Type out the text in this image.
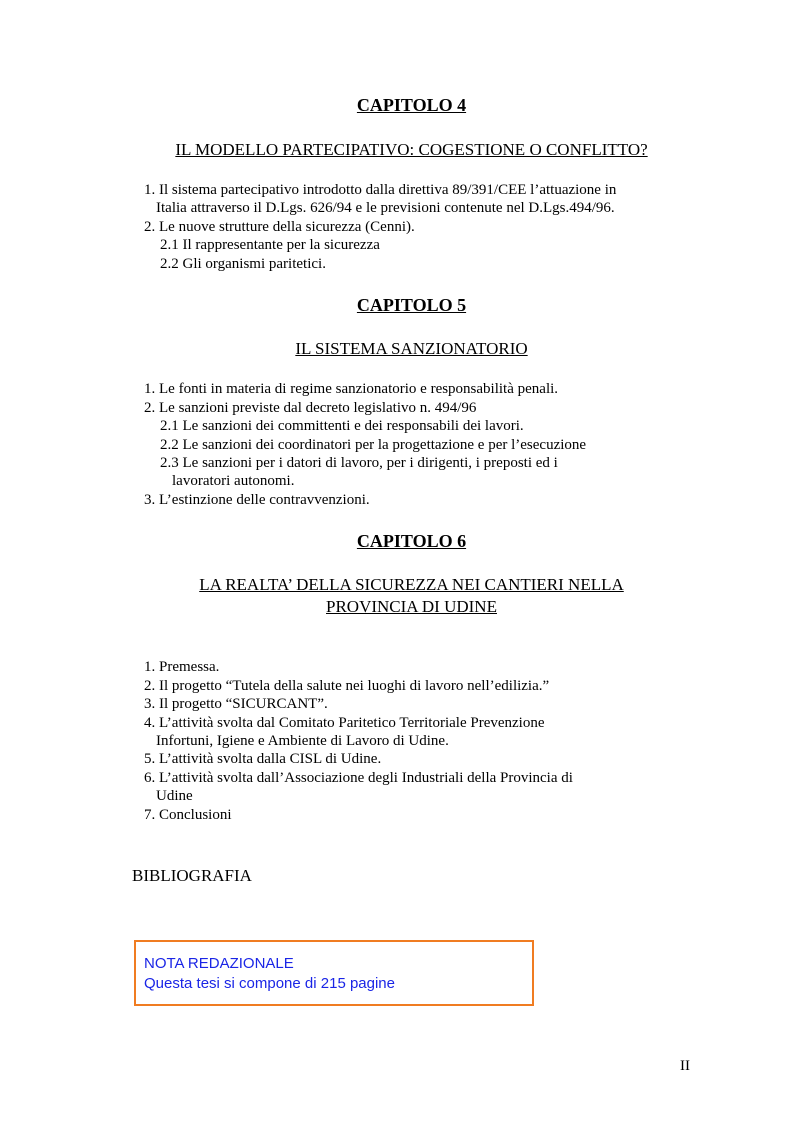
CAPITOLO 4
IL MODELLO PARTECIPATIVO: COGESTIONE O CONFLITTO?
1. Il sistema partecipativo introdotto dalla direttiva 89/391/CEE l’attuazione in
Italia attraverso il D.Lgs. 626/94 e le previsioni contenute nel D.Lgs.494/96.
2. Le nuove strutture della sicurezza (Cenni).
2.1 Il rappresentante per la sicurezza
2.2 Gli organismi paritetici.
CAPITOLO 5
IL SISTEMA SANZIONATORIO
1. Le fonti in materia di regime sanzionatorio e responsabilità penali.
2. Le sanzioni previste dal decreto legislativo n. 494/96
2.1 Le sanzioni dei committenti e dei responsabili dei lavori.
2.2 Le sanzioni dei coordinatori per la progettazione e per l’esecuzione
2.3 Le sanzioni per i datori di lavoro, per i dirigenti, i preposti ed i
lavoratori autonomi.
3. L’estinzione delle contravvenzioni.
CAPITOLO 6
LA REALTA’ DELLA SICUREZZA NEI CANTIERI NELLA
PROVINCIA DI UDINE
1. Premessa.
2. Il progetto “Tutela della salute nei luoghi di lavoro nell’edilizia.”
3. Il progetto “SICURCANT”.
4. L’attività svolta dal Comitato Paritetico Territoriale Prevenzione
Infortuni, Igiene e Ambiente di Lavoro di Udine.
5. L’attività svolta dalla CISL di Udine.
6. L’attività svolta dall’Associazione degli Industriali della Provincia di
Udine
7. Conclusioni
BIBLIOGRAFIA
NOTA REDAZIONALE
Questa tesi si compone di 215 pagine
II
